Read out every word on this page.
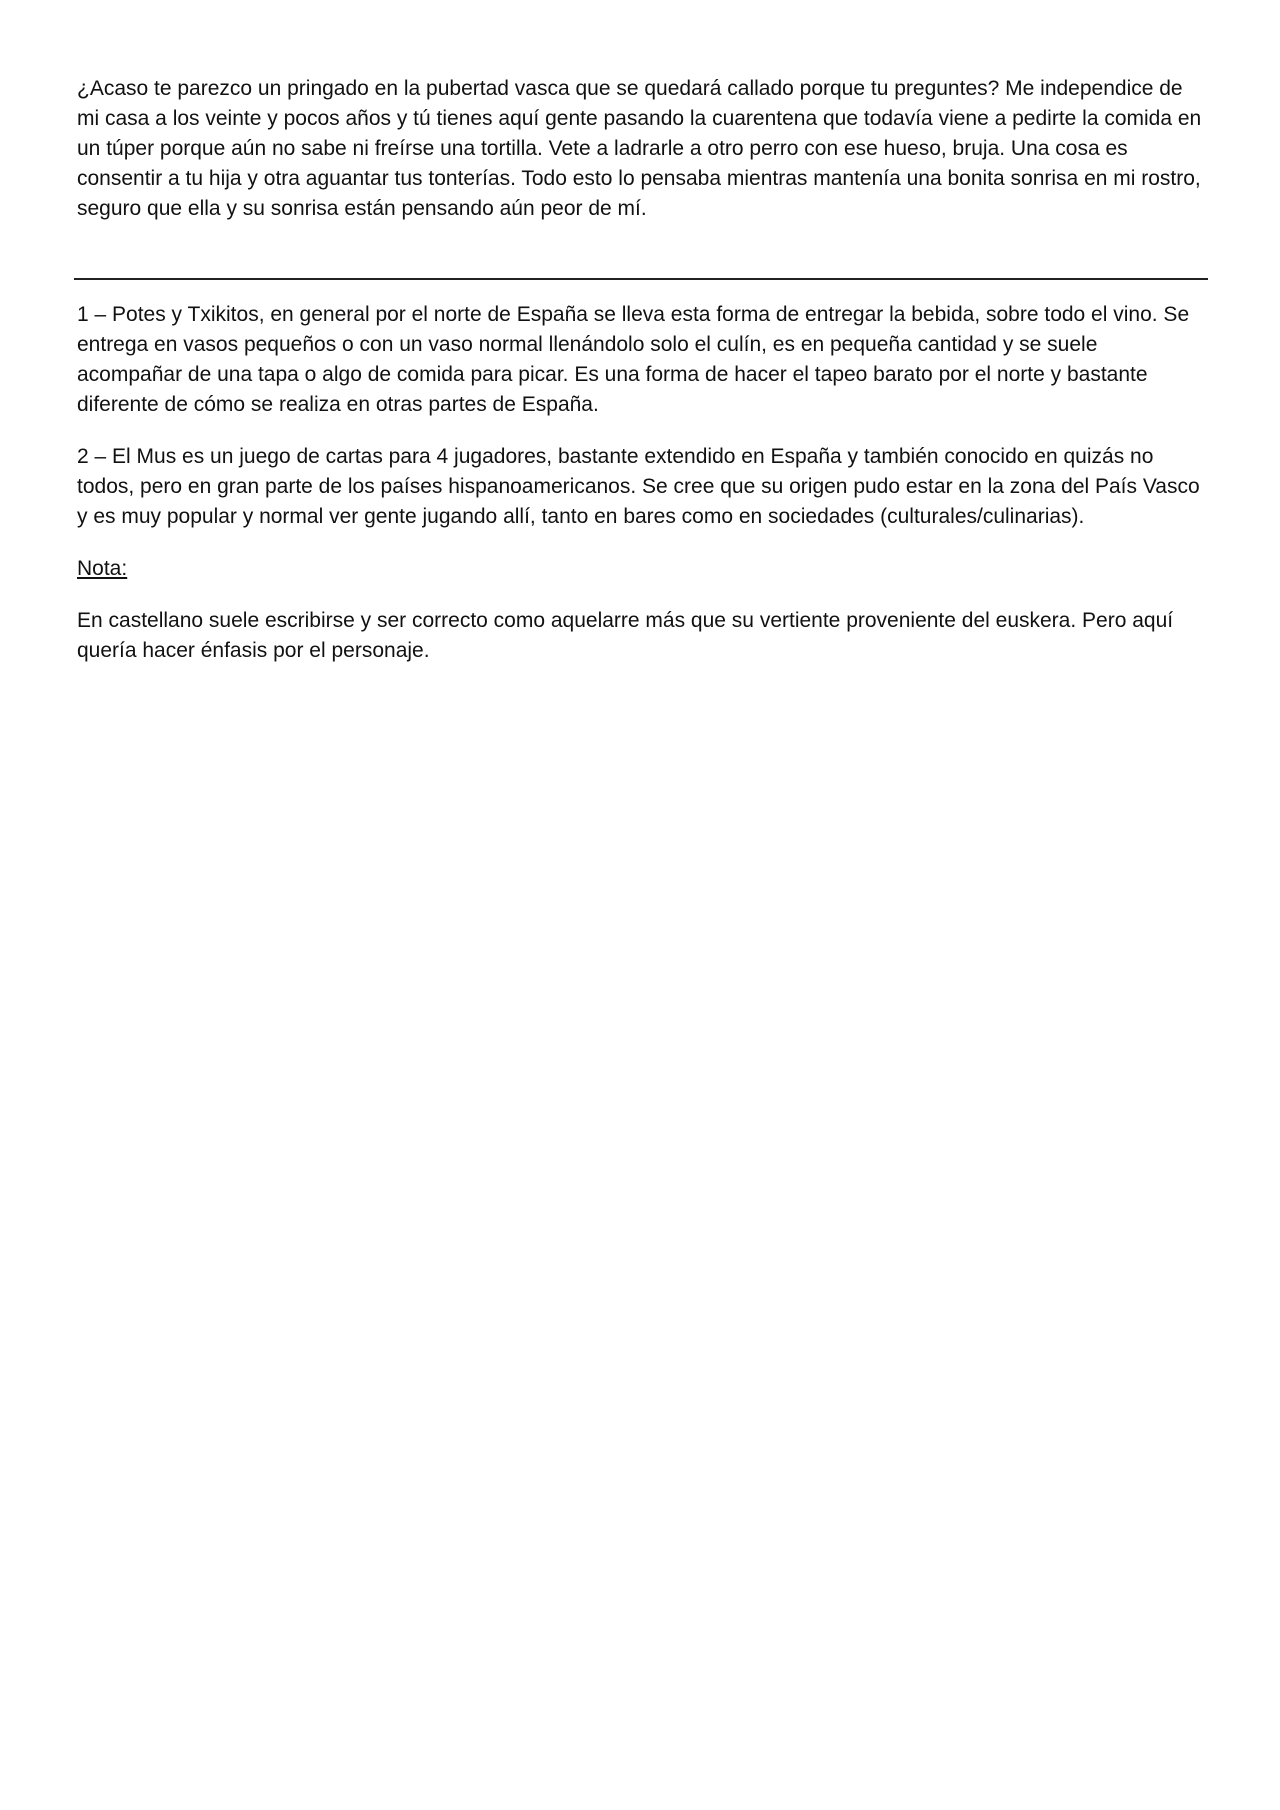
¿Acaso te parezco un pringado en la pubertad vasca que se quedará callado porque tu preguntes? Me independice de mi casa a los veinte y pocos años y tú tienes aquí gente pasando la cuarentena que todavía viene a pedirte la comida en un túper porque aún no sabe ni freírse una tortilla. Vete a ladrarle a otro perro con ese hueso, bruja. Una cosa es consentir a tu hija y otra aguantar tus tonterías. Todo esto lo pensaba mientras mantenía una bonita sonrisa en mi rostro, seguro que ella y su sonrisa están pensando aún peor de mí.

1 – Potes y Txikitos, en general por el norte de España se lleva esta forma de entregar la bebida, sobre todo el vino. Se entrega en vasos pequeños o con un vaso normal llenándolo solo el culín, es en pequeña cantidad y se suele acompañar de una tapa o algo de comida para picar. Es una forma de hacer el tapeo barato por el norte y bastante diferente de cómo se realiza en otras partes de España.

2 – El Mus es un juego de cartas para 4 jugadores, bastante extendido en España y también conocido en quizás no todos, pero en gran parte de los países hispanoamericanos. Se cree que su origen pudo estar en la zona del País Vasco y es muy popular y normal ver gente jugando allí, tanto en bares como en sociedades (culturales/culinarias).

Nota:

En castellano suele escribirse y ser correcto como aquelarre más que su vertiente proveniente del euskera. Pero aquí quería hacer énfasis por el personaje.
